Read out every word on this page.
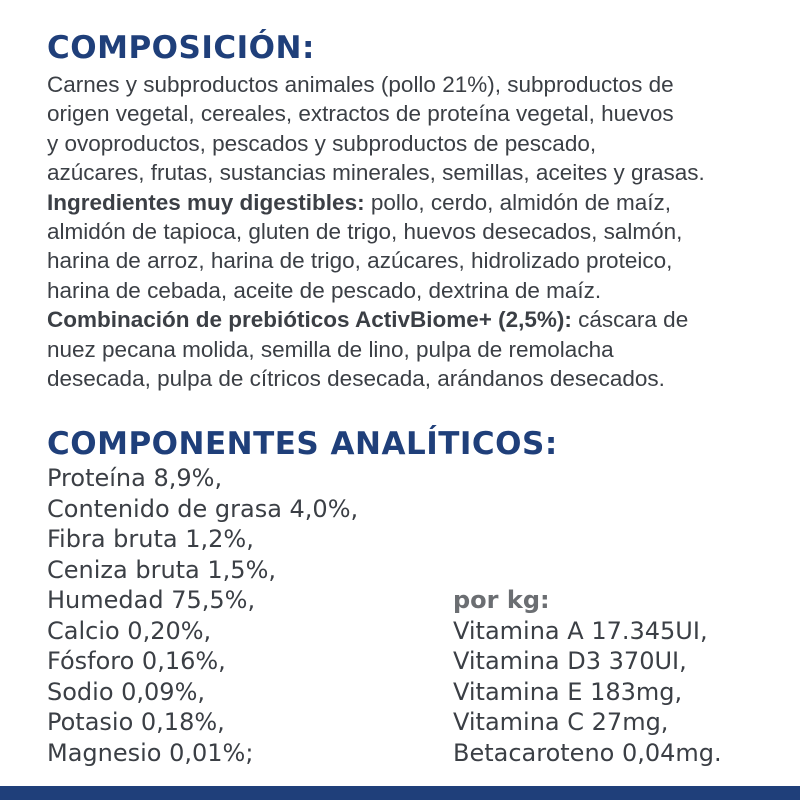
COMPOSICIÓN:
Carnes y subproductos animales (pollo 21%), subproductos de
origen vegetal, cereales, extractos de proteína vegetal, huevos
y ovoproductos, pescados y subproductos de pescado,
azúcares, frutas, sustancias minerales, semillas, aceites y grasas.
Ingredientes muy digestibles: pollo, cerdo, almidón de maíz,
almidón de tapioca, gluten de trigo, huevos desecados, salmón,
harina de arroz, harina de trigo, azúcares, hidrolizado proteico,
harina de cebada, aceite de pescado, dextrina de maíz.
Combinación de prebióticos ActivBiome+ (2,5%): cáscara de
nuez pecana molida, semilla de lino, pulpa de remolacha
desecada, pulpa de cítricos desecada, arándanos desecados.
COMPONENTES ANALÍTICOS:
Proteína 8,9%,
Contenido de grasa 4,0%,
Fibra bruta 1,2%,
Ceniza bruta 1,5%,
Humedad 75,5%,
Calcio 0,20%,
Fósforo 0,16%,
Sodio 0,09%,
Potasio 0,18%,
Magnesio 0,01%;
por kg:
Vitamina A 17.345UI,
Vitamina D3 370UI,
Vitamina E 183mg,
Vitamina C 27mg,
Betacaroteno 0,04mg.
